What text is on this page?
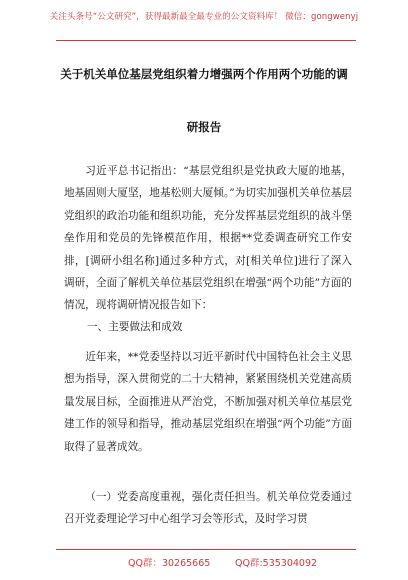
关注头条号“公文研究”，获得最新最全最专业的公文资料库！ 微信：gongwenyj
关于机关单位基层党组织着力增强两个作用两个功能的调
研报告

习近平总书记指出：“基层党组织是党执政大厦的地基，地基固则大厦坚，地基松则大厦倾。”为切实加强机关单位基层党组织的政治功能和组织功能，充分发挥基层党组织的战斗堡垒作用和党员的先锋模范作用，根据**党委调查研究工作安排，[调研小组名称]通过多种方式，对[相关单位]进行了深入调研，全面了解机关单位基层党组织在增强“两个功能”方面的情况，现将调研情况报告如下：

一、主要做法和成效

近年来，**党委坚持以习近平新时代中国特色社会主义思想为指导，深入贯彻党的二十大精神，紧紧围绕机关党建高质量发展目标，全面推进从严治党，不断加强对机关单位基层党建工作的领导和指导，推动基层党组织在增强“两个功能”方面取得了显著成效。

（一）党委高度重视，强化责任担当。机关单位党委通过召开党委理论学习中心组学习会等形式，及时学习贯

QQ群：30265665	QQ群:535304092
